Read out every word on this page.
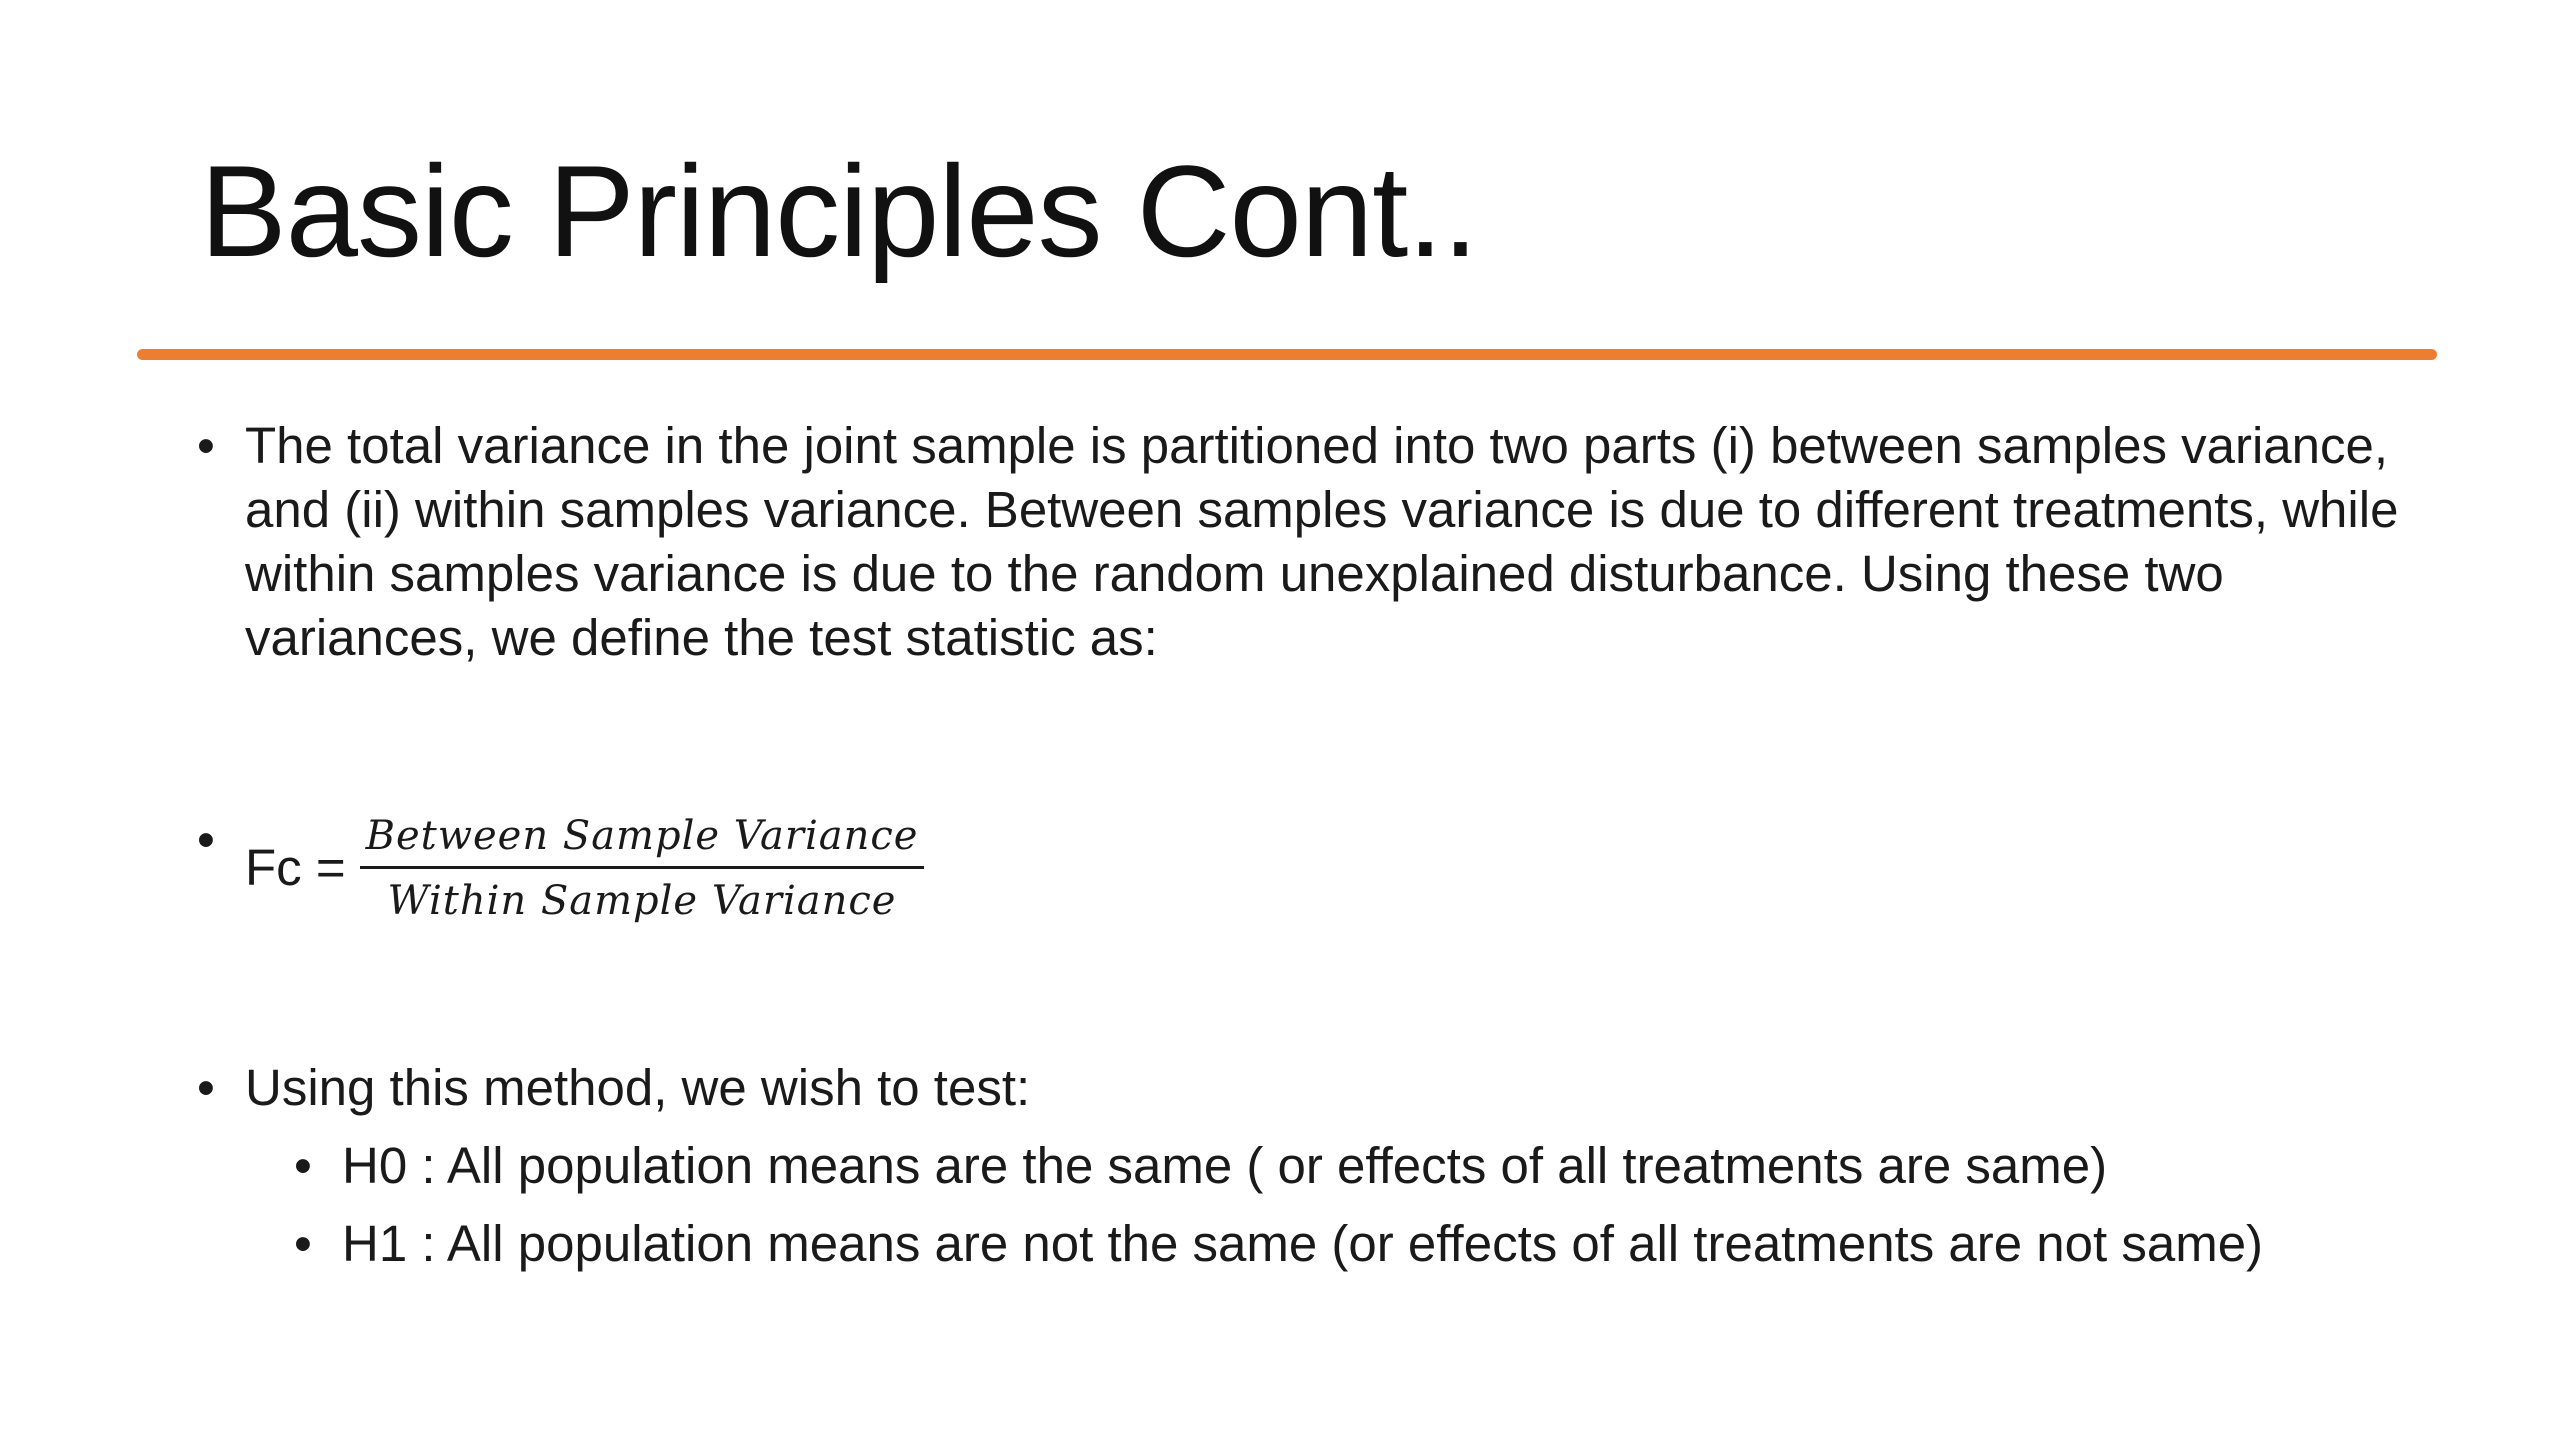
Basic Principles Cont..
• The total variance in the joint sample is partitioned into two parts (i) between samples variance, and (ii) within samples variance. Between samples variance is due to different treatments, while within samples variance is due to the random unexplained disturbance. Using these two variances, we define the test statistic as:
• $Fc = \frac{\text{Between Sample Variance}}{\text{Within Sample Variance}}$
• Using this method, we wish to test:
• H0 : All population means are the same ( or effects of all treatments are same)
• H1 : All population means are not the same (or effects of all treatments are not same)
